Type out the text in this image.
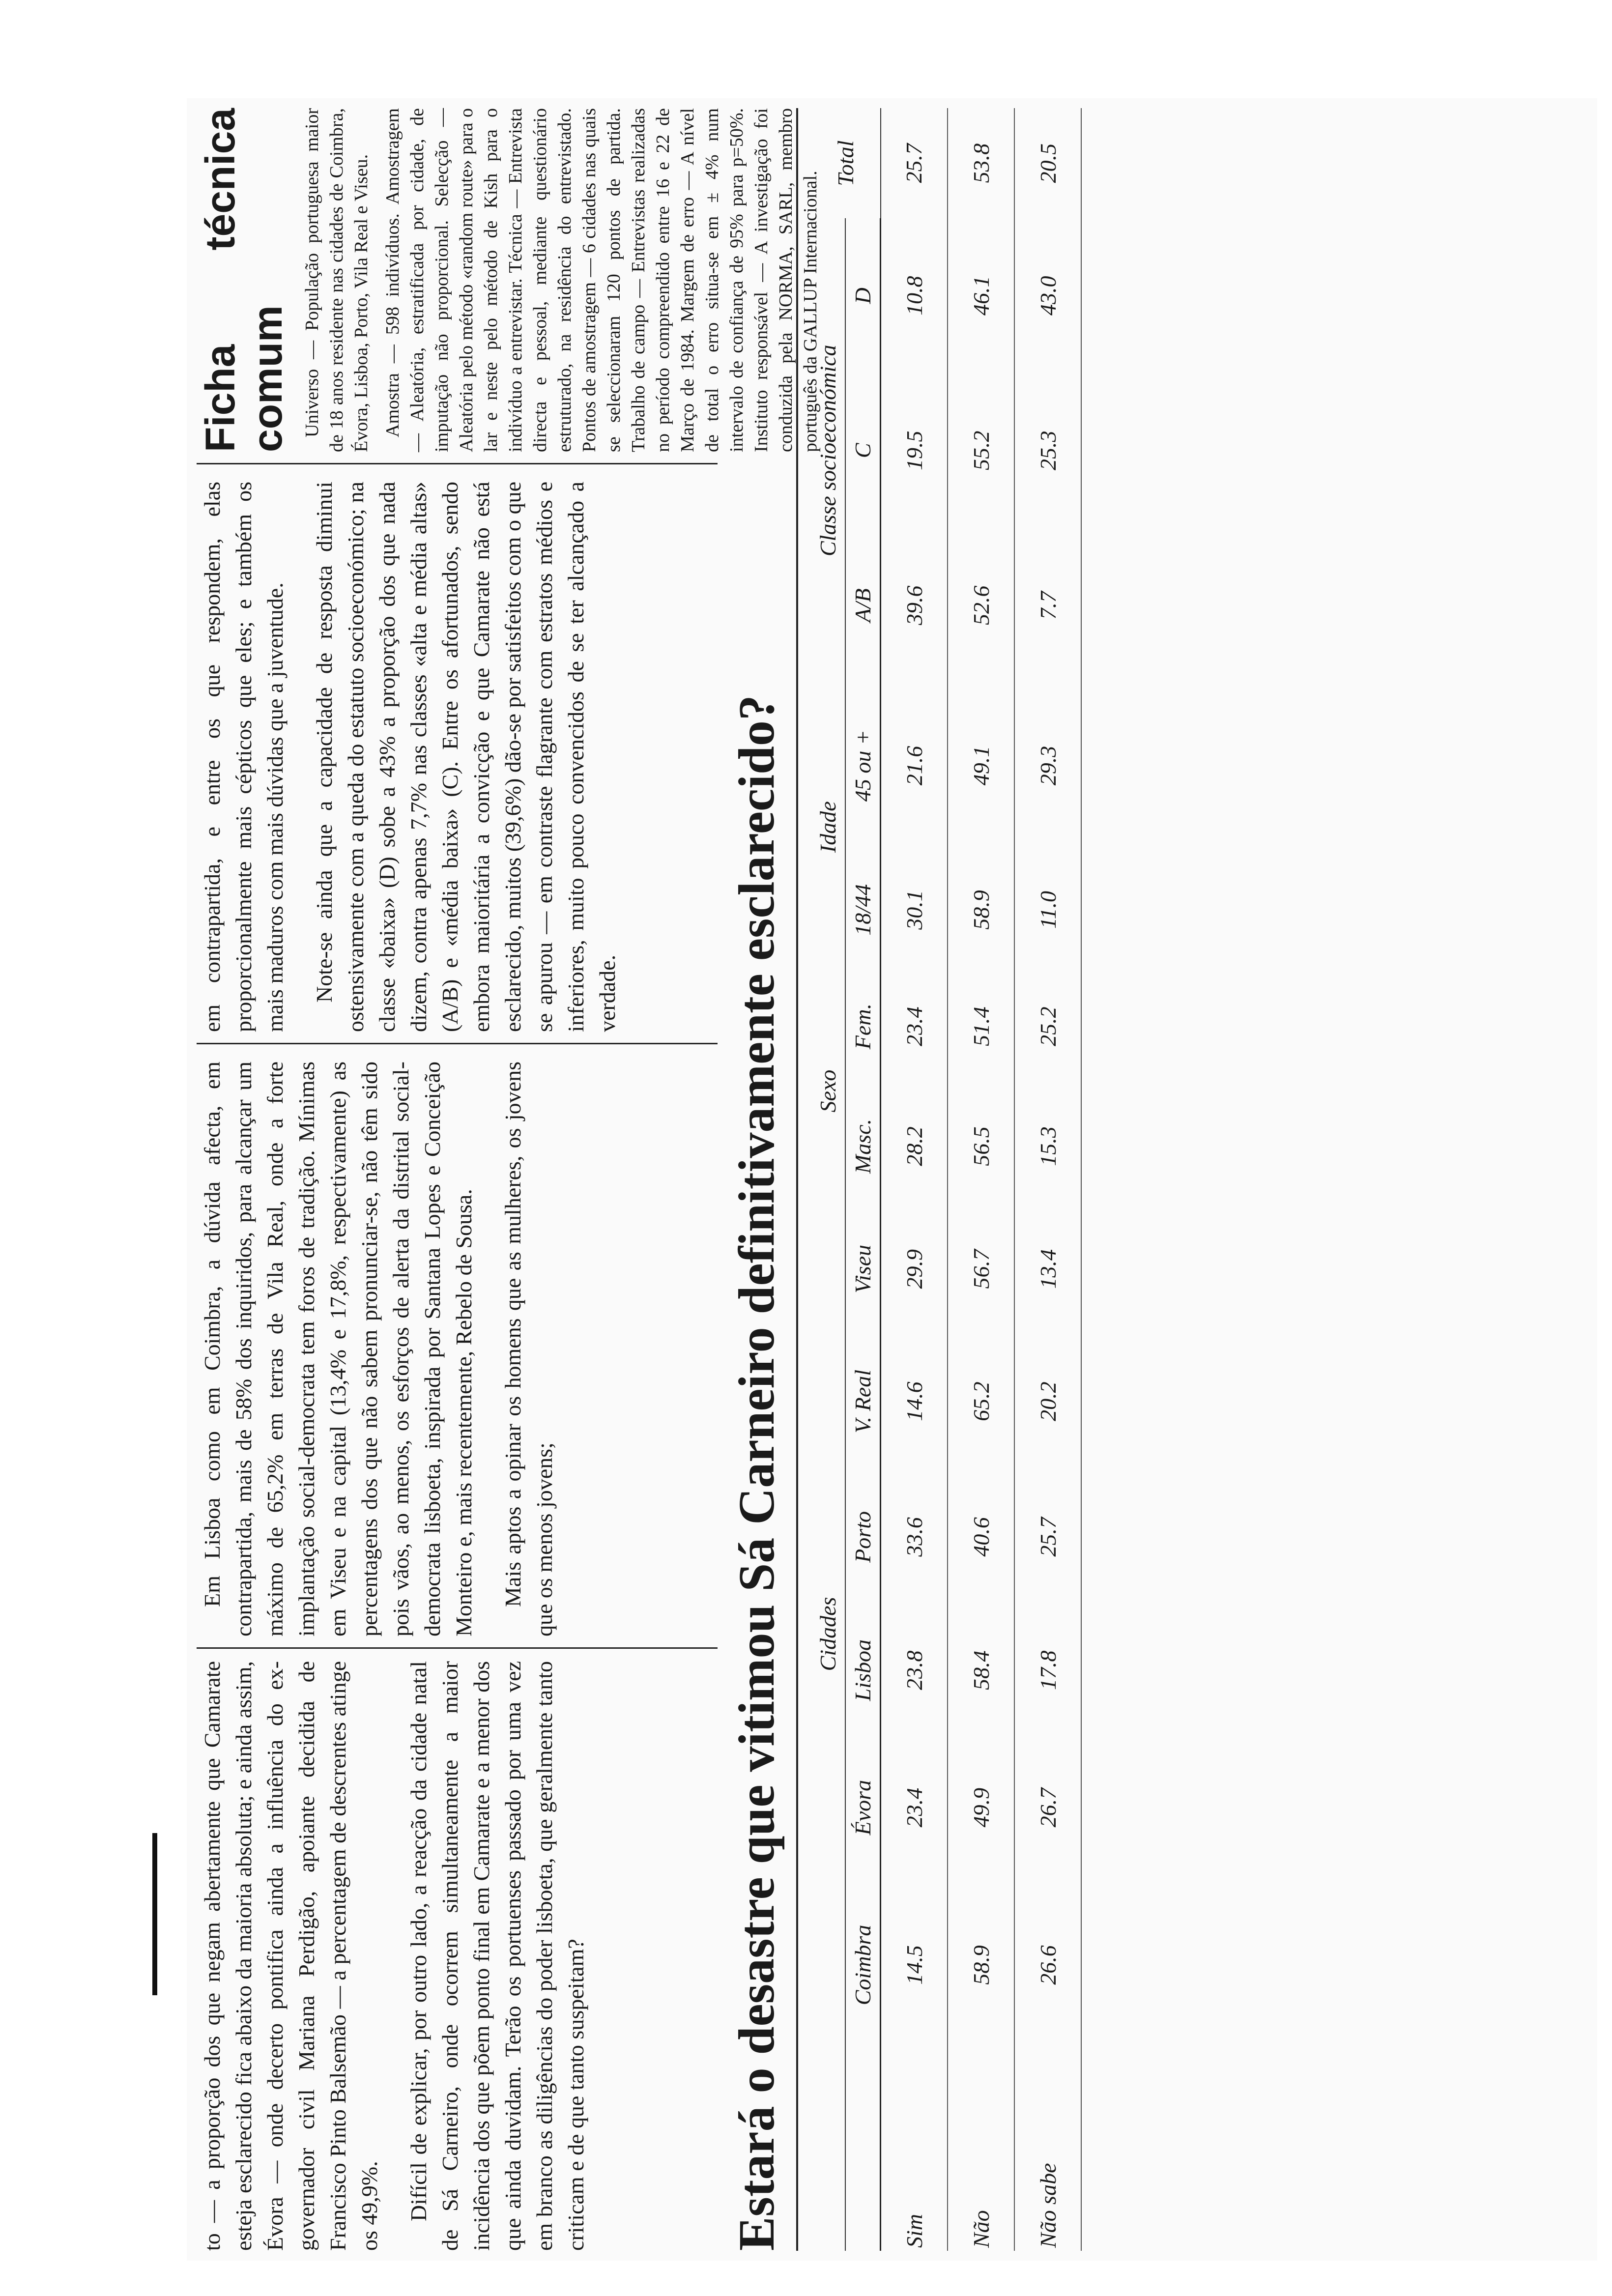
to — a proporção dos que negam abertamente que Camarate esteja esclarecido fica abaixo da maioria absoluta; e ainda assim, Évora — onde decerto pontifica ainda a influência do ex-governador civil Mariana Perdigão, apoiante decidida de Francisco Pinto Balsemão — a percentagem de descrentes atinge os 49,9%. Difícil de explicar, por outro lado, a reacção da cidade natal de Sá Carneiro, onde ocorrem simultaneamente a maior incidência dos que põem ponto final em Camarate e a menor dos que ainda duvidam. Terão os portuenses passado por uma vez em branco as diligências do poder lisboeta, que geralmente tanto criticam e de que tanto suspeitam?

Em Lisboa como em Coimbra, a dúvida afecta, em contrapartida, mais de 58% dos inquiridos, para alcançar um máximo de 65,2% em terras de Vila Real, onde a forte implantação social-democrata tem foros de tradição. Mínimas em Viseu e na capital (13,4% e 17,8%, respectivamente) as percentagens dos que não sabem pronunciar-se, não têm sido pois vãos, ao menos, os esforços de alerta da distrital social-democrata lisboeta, inspirada por Santana Lopes e Conceição Monteiro e, mais recentemente, Rebelo de Sousa. Mais aptos a opinar os homens que as mulheres, os jovens que os menos jovens;

em contrapartida, e entre os que respondem, elas proporcionalmente mais cépticos que eles; e também os mais maduros com mais dúvidas que a juventude. Note-se ainda que a capacidade de resposta diminui ostensivamente com a queda do estatuto socioeconómico; na classe «baixa» (D) sobe a 43% a proporção dos que nada dizem, contra apenas 7,7% nas classes «alta e média altas» (A/B) e «média baixa» (C). Entre os afortunados, sendo embora maioritária a convicção e que Camarate não está esclarecido, muitos (39,6%) dão-se por satisfeitos com o que se apurou — em contraste flagrante com estratos médios e inferiores, muito pouco convencidos de se ter alcançado a verdade.

Ficha técnica comum Universo — População portuguesa maior de 18 anos residente nas cidades de Coimbra, Évora, Lisboa, Porto, Vila Real e Viseu. Amostra — 598 indivíduos. Amostragem — Aleatória, estratificada por cidade, de imputação não proporcional. Selecção — Aleatória pelo método «random route» para o lar e neste pelo método de Kish para o indivíduo a entrevistar. Técnica — Entrevista directa e pessoal, mediante questionário estruturado, na residência do entrevistado. Pontos de amostragem — 6 cidades nas quais se seleccionaram 120 pontos de partida. Trabalho de campo — Entrevistas realizadas no período compreendido entre 16 e 22 de Março de 1984. Margem de erro — A nível de total o erro situa-se em ± 4% num intervalo de confiança de 95% para p=50%. Instituto responsável — A investigação foi conduzida pela NORMA, SARL, membro português da GALLUP Internacional.

Estará o desastre que vitimou Sá Carneiro definitivamente esclarecido?
	Cidades						Sexo		Idade		Classe socioeconómica			Total
	Coimbra	Évora	Lisboa	Porto	V. Real	Viseu	Masc.	Fem.	18/44	45 ou +	A/B	C	D	
Sim	14.5	23.4	23.8	33.6	14.6	29.9	28.2	23.4	30.1	21.6	39.6	19.5	10.8	25.7
Não	58.9	49.9	58.4	40.6	65.2	56.7	56.5	51.4	58.9	49.1	52.6	55.2	46.1	53.8
Não sabe	26.6	26.7	17.8	25.7	20.2	13.4	15.3	25.2	11.0	29.3	7.7	25.3	43.0	20.5
